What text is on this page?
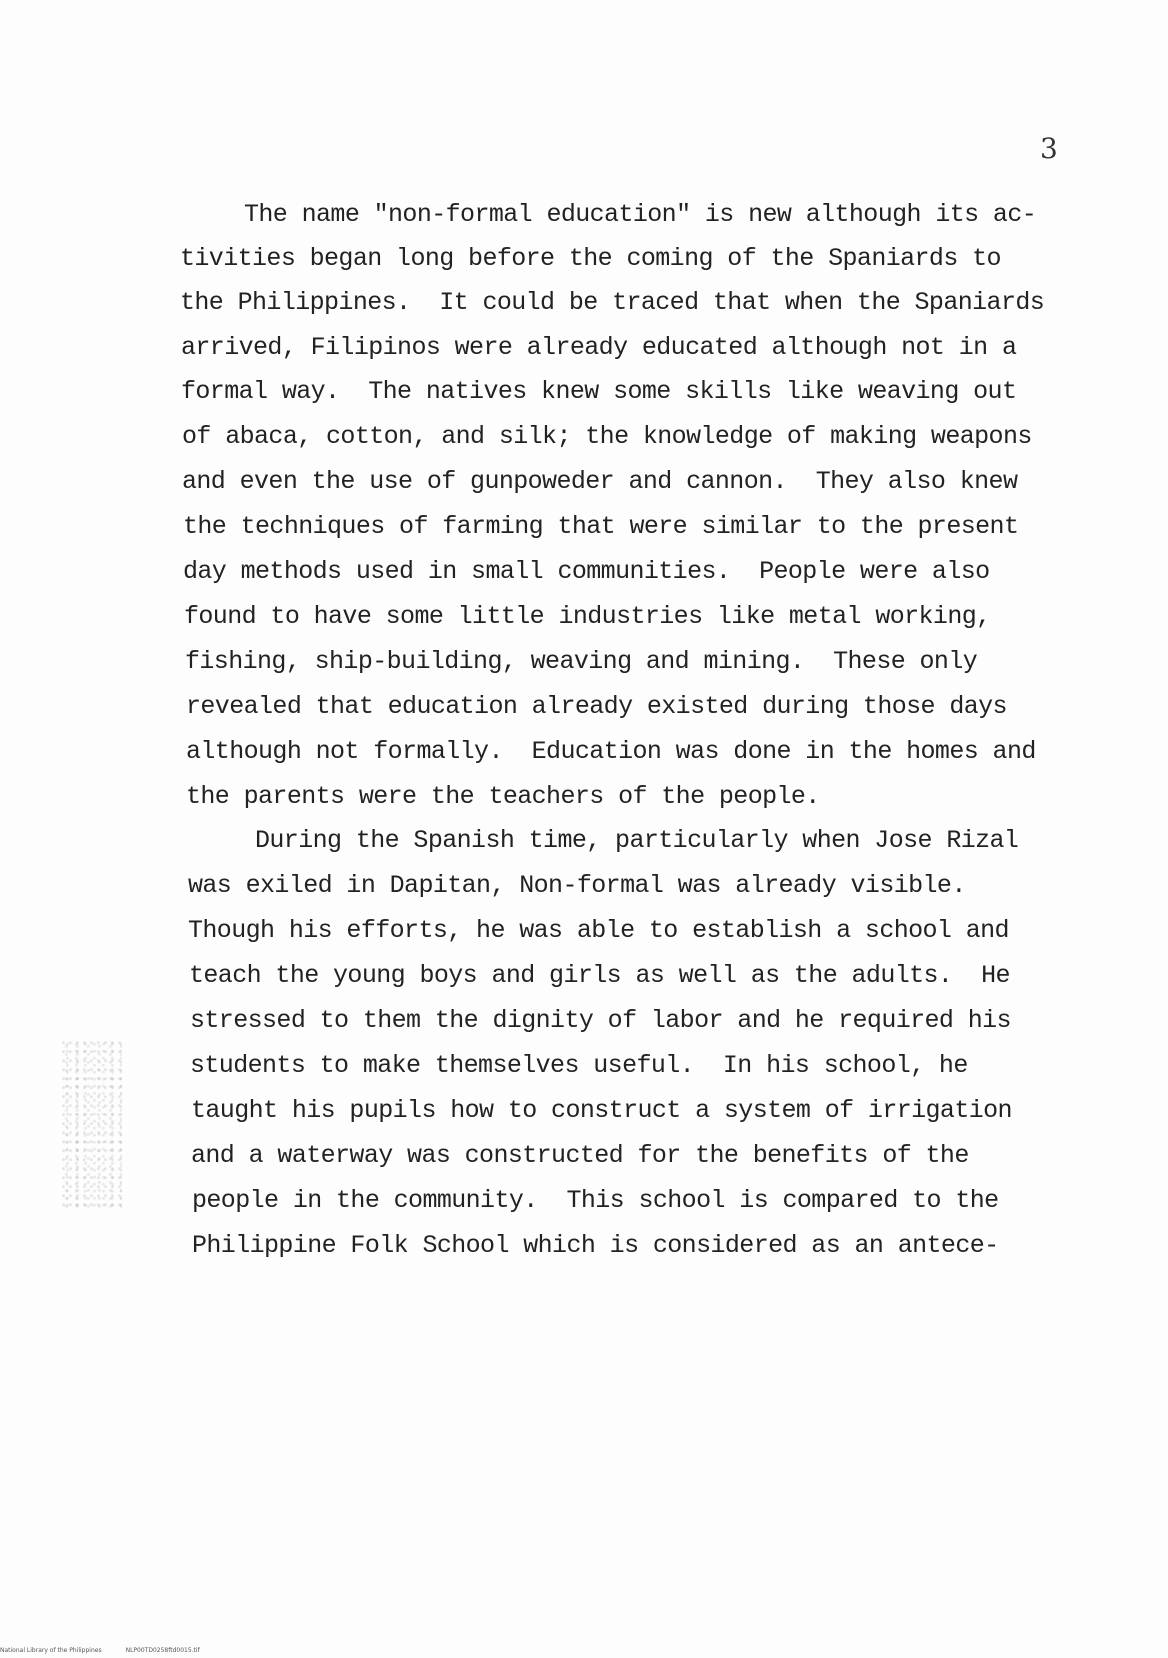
3
The name "non-formal education" is new although its ac-
tivities began long before the coming of the Spaniards to
the Philippines.  It could be traced that when the Spaniards
arrived, Filipinos were already educated although not in a
formal way.  The natives knew some skills like weaving out
of abaca, cotton, and silk; the knowledge of making weapons
and even the use of gunpoweder and cannon.  They also knew
the techniques of farming that were similar to the present
day methods used in small communities.  People were also
found to have some little industries like metal working,
fishing, ship-building, weaving and mining.  These only
revealed that education already existed during those days
although not formally.  Education was done in the homes and
the parents were the teachers of the people.
During the Spanish time, particularly when Jose Rizal
was exiled in Dapitan, Non-formal was already visible.
Though his efforts, he was able to establish a school and
teach the young boys and girls as well as the adults.  He
stressed to them the dignity of labor and he required his
students to make themselves useful.  In his school, he
taught his pupils how to construct a system of irrigation
and a waterway was constructed for the benefits of the
people in the community.  This school is compared to the
Philippine Folk School which is considered as an antece-
National Library of the Philippines	NLP00TD0258ftd0015.tif
